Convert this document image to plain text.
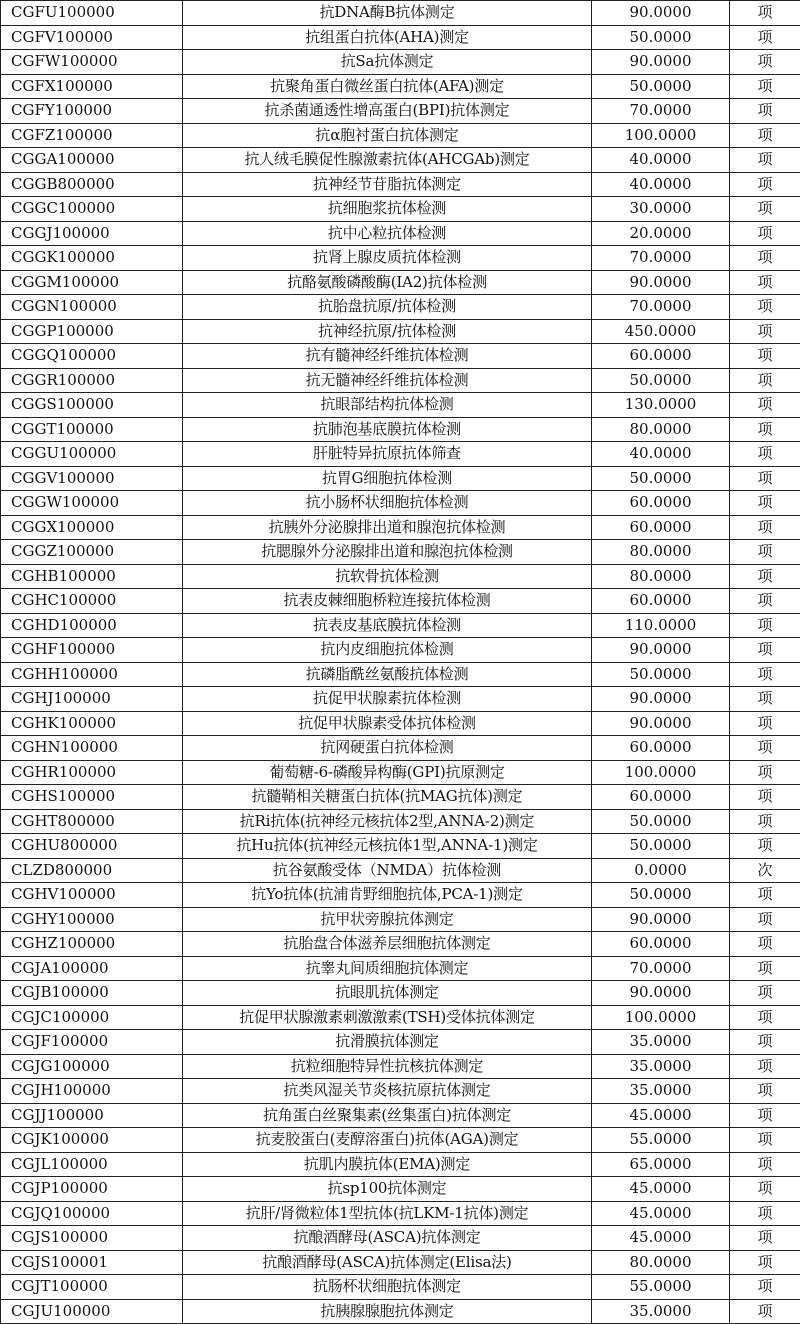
CGFU100000	抗DNA酶B抗体测定	90.0000	项
CGFV100000	抗组蛋白抗体(AHA)测定	50.0000	项
CGFW100000	抗Sa抗体测定	90.0000	项
CGFX100000	抗聚角蛋白微丝蛋白抗体(AFA)测定	50.0000	项
CGFY100000	抗杀菌通透性增高蛋白(BPI)抗体测定	70.0000	项
CGFZ100000	抗α胞衬蛋白抗体测定	100.0000	项
CGGA100000	抗人绒毛膜促性腺激素抗体(AHCGAb)测定	40.0000	项
CGGB800000	抗神经节苷脂抗体测定	40.0000	项
CGGC100000	抗细胞浆抗体检测	30.0000	项
CGGJ100000	抗中心粒抗体检测	20.0000	项
CGGK100000	抗肾上腺皮质抗体检测	70.0000	项
CGGM100000	抗酪氨酸磷酸酶(IA2)抗体检测	90.0000	项
CGGN100000	抗胎盘抗原/抗体检测	70.0000	项
CGGP100000	抗神经抗原/抗体检测	450.0000	项
CGGQ100000	抗有髓神经纤维抗体检测	60.0000	项
CGGR100000	抗无髓神经纤维抗体检测	50.0000	项
CGGS100000	抗眼部结构抗体检测	130.0000	项
CGGT100000	抗肺泡基底膜抗体检测	80.0000	项
CGGU100000	肝脏特异抗原抗体筛查	40.0000	项
CGGV100000	抗胃G细胞抗体检测	50.0000	项
CGGW100000	抗小肠杯状细胞抗体检测	60.0000	项
CGGX100000	抗胰外分泌腺排出道和腺泡抗体检测	60.0000	项
CGGZ100000	抗腮腺外分泌腺排出道和腺泡抗体检测	80.0000	项
CGHB100000	抗软骨抗体检测	80.0000	项
CGHC100000	抗表皮棘细胞桥粒连接抗体检测	60.0000	项
CGHD100000	抗表皮基底膜抗体检测	110.0000	项
CGHF100000	抗内皮细胞抗体检测	90.0000	项
CGHH100000	抗磷脂酰丝氨酸抗体检测	50.0000	项
CGHJ100000	抗促甲状腺素抗体检测	90.0000	项
CGHK100000	抗促甲状腺素受体抗体检测	90.0000	项
CGHN100000	抗网硬蛋白抗体检测	60.0000	项
CGHR100000	葡萄糖-6-磷酸异构酶(GPI)抗原测定	100.0000	项
CGHS100000	抗髓鞘相关糖蛋白抗体(抗MAG抗体)测定	60.0000	项
CGHT800000	抗Ri抗体(抗神经元核抗体2型,ANNA-2)测定	50.0000	项
CGHU800000	抗Hu抗体(抗神经元核抗体1型,ANNA-1)测定	50.0000	项
CLZD800000	抗谷氨酸受体（NMDA）抗体检测	0.0000	次
CGHV100000	抗Yo抗体(抗浦肯野细胞抗体,PCA-1)测定	50.0000	项
CGHY100000	抗甲状旁腺抗体测定	90.0000	项
CGHZ100000	抗胎盘合体滋养层细胞抗体测定	60.0000	项
CGJA100000	抗睾丸间质细胞抗体测定	70.0000	项
CGJB100000	抗眼肌抗体测定	90.0000	项
CGJC100000	抗促甲状腺激素刺激激素(TSH)受体抗体测定	100.0000	项
CGJF100000	抗滑膜抗体测定	35.0000	项
CGJG100000	抗粒细胞特异性抗核抗体测定	35.0000	项
CGJH100000	抗类风湿关节炎核抗原抗体测定	35.0000	项
CGJJ100000	抗角蛋白丝聚集素(丝集蛋白)抗体测定	45.0000	项
CGJK100000	抗麦胶蛋白(麦醇溶蛋白)抗体(AGA)测定	55.0000	项
CGJL100000	抗肌内膜抗体(EMA)测定	65.0000	项
CGJP100000	抗sp100抗体测定	45.0000	项
CGJQ100000	抗肝/肾微粒体1型抗体(抗LKM-1抗体)测定	45.0000	项
CGJS100000	抗酿酒酵母(ASCA)抗体测定	45.0000	项
CGJS100001	抗酿酒酵母(ASCA)抗体测定(Elisa法)	80.0000	项
CGJT100000	抗肠杯状细胞抗体测定	55.0000	项
CGJU100000	抗胰腺腺胞抗体测定	35.0000	项
